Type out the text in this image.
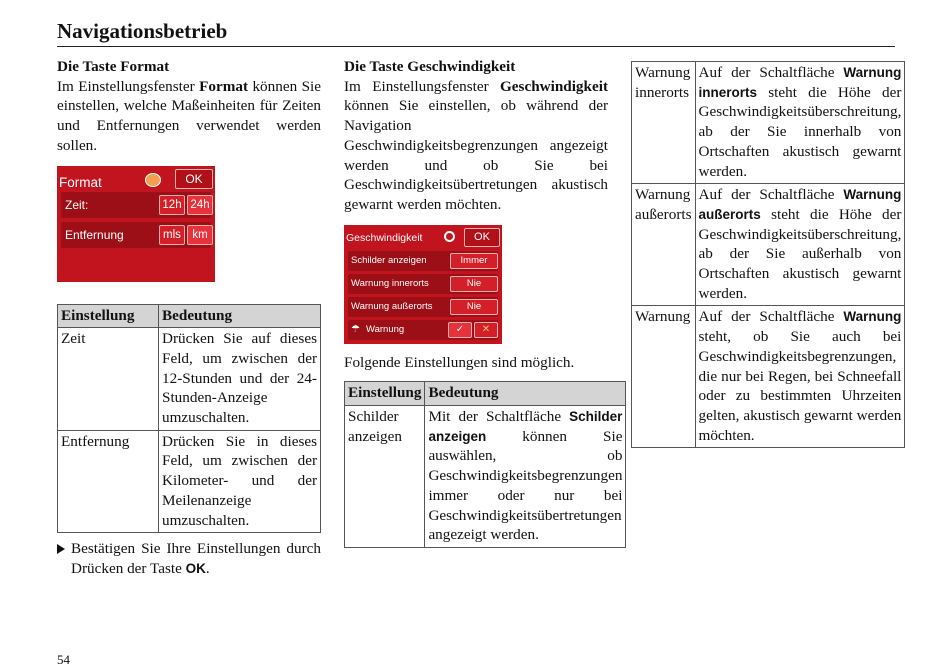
Navigationsbetrieb
Die Taste Format

Im Einstellungsfenster Format können Sie einstellen, welche Maßeinheiten für Zeiten und Entfernungen verwendet werden sollen.

Format	OK
Zeit:	12h 24h
Entfernung	mls km
Einstellung	Bedeutung
Zeit	Drücken Sie auf dieses Feld, um zwischen der 12-Stunden und der 24-Stunden-Anzeige umzuschalten.
Entfernung	Drücken Sie in dieses Feld, um zwischen der Kilometer- und der Meilenanzeige umzuschalten.

Bestätigen Sie Ihre Einstellungen durch Drücken der Taste OK.

Die Taste Geschwindigkeit

Im Einstellungsfenster Geschwindigkeit können Sie einstellen, ob während der Navigation Geschwindigkeitsbegrenzungen angezeigt werden und ob Sie bei Geschwindigkeitsübertretungen akustisch gewarnt werden möchten.

Geschwindigkeit	OK
Schilder anzeigen	Immer
Warnung innerorts	Nie
Warnung außerorts	Nie
☂ Warnung	✓	✕

Folgende Einstellungen sind möglich.

Einstellung	Bedeutung
Schilder anzeigen	Mit der Schaltfläche Schilder anzeigen können Sie auswählen, ob Geschwindigkeitsbegrenzungen immer oder nur bei Geschwindigkeitsübertretungen angezeigt werden.
Warnung innerorts	Auf der Schaltfläche Warnung innerorts steht die Höhe der Geschwindigkeitsüberschreitung, ab der Sie innerhalb von Ortschaften akustisch gewarnt werden.
Warnung außerorts	Auf der Schaltfläche Warnung außerorts steht die Höhe der Geschwindigkeitsüberschreitung, ab der Sie außerhalb von Ortschaften akustisch gewarnt werden.
Warnung	Auf der Schaltfläche Warnung steht, ob Sie auch bei Geschwindigkeitsbegrenzungen, die nur bei Regen, bei Schneefall oder zu bestimmten Uhrzeiten gelten, akustisch gewarnt werden möchten.
54
